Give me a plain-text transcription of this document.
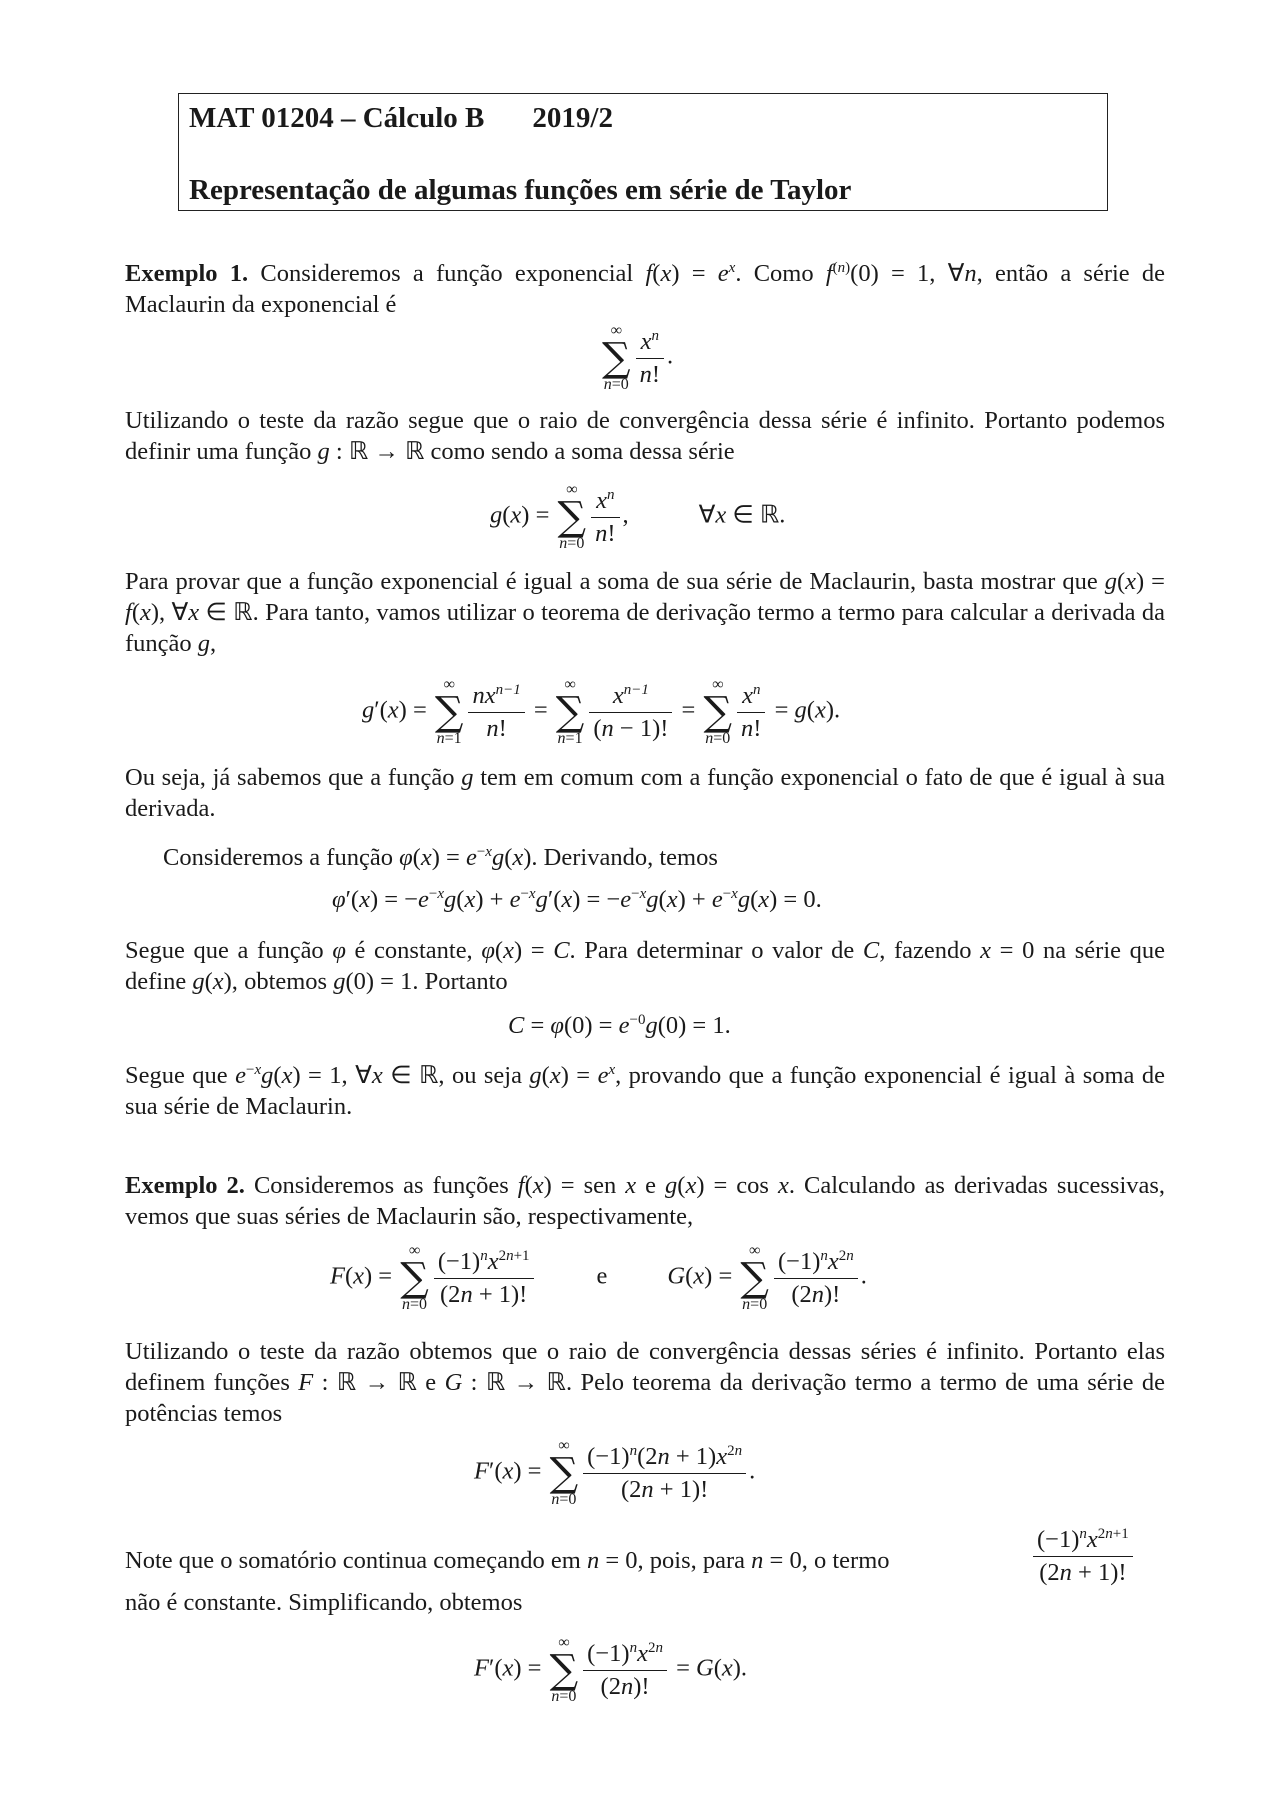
MAT 01204 – Cálculo B 2019/2
Representação de algumas funções em série de Taylor
Exemplo 1. Consideremos a função exponencial $f(x) = e^x$. Como $f^{(n)}(0) = 1$, ∀n, então a série de Maclaurin da exponencial é
∞
∑
$n=0 \frac{x^n}{n!}$ .
Utilizando o teste da razão segue que o raio de convergência dessa série é infinito. Portanto podemos definir uma função g : ℝ → ℝ como sendo a soma dessa série
g(x) =
∞
∑
$n=0 \frac{x^n}{n!}$ ,	∀x ∈ ℝ.
Para provar que a função exponencial é igual a soma de sua série de Maclaurin, basta mostrar que g(x) = f(x), ∀x ∈ ℝ. Para tanto, vamos utilizar o teorema de derivação termo a termo para calcular a derivada da função g,
g′(x) =
∞
∑
$n=1 \frac{nx^{n-1}}{n!}$ =
∞
∑
$n=1 \frac{x^{n-1}}{(n - 1)!}$ =
∞
∑
$n=0 \frac{x^n}{n!} = g(x)$.
Ou seja, já sabemos que a função g tem em comum com a função exponencial o fato de que é igual à sua derivada.
Consideremos a função $\varphi(x) = e^{-x}g(x)$. Derivando, temos
$\varphi'(x) = -e^{-x}g(x) + e^{-x}g'(x) = -e^{-x}g(x) + e^{-x}g(x) = 0$.
Segue que a função φ é constante, φ(x) = C. Para determinar o valor de C, fazendo x = 0 na série que define g(x), obtemos g(0) = 1. Portanto
$C = \varphi(0) = e^{-0}g(0) = 1$.
Segue que $e^{-x}g(x) = 1$, ∀x ∈ ℝ, ou seja $g(x) = e^x$, provando que a função exponencial é igual à soma de sua série de Maclaurin.
Exemplo 2. Consideremos as funções f(x) = sen x e g(x) = cos x. Calculando as derivadas sucessivas, vemos que suas séries de Maclaurin são, respectivamente,
F(x) =
∞
∑
$n=0 \frac{(-1)^nx^{2n+1}}{(2n + 1)!}$	e G(x) =
∞
∑
$n=0 \frac{(-1)^nx^{2n}}{(2n)!}$ .
Utilizando o teste da razão obtemos que o raio de convergência dessas séries é infinito. Portanto elas definem funções F : ℝ → ℝ e G : ℝ → ℝ. Pelo teorema da derivação termo a termo de uma série de potências temos
F′(x) =
∞
∑
$n=0 \frac{(-1)^n(2n + 1)x^{2n}}{(2n + 1)!}$ .
Note que o somatório continua começando em n = 0, pois, para n = 0, o termo	$\frac{(-1)^nx^{2n+1}}{(2n + 1)!}$
não é constante. Simplificando, obtemos
F′(x) =
∞
∑
$n=0 \frac{(-1)^nx^{2n}}{(2n)!} = G(x)$.
